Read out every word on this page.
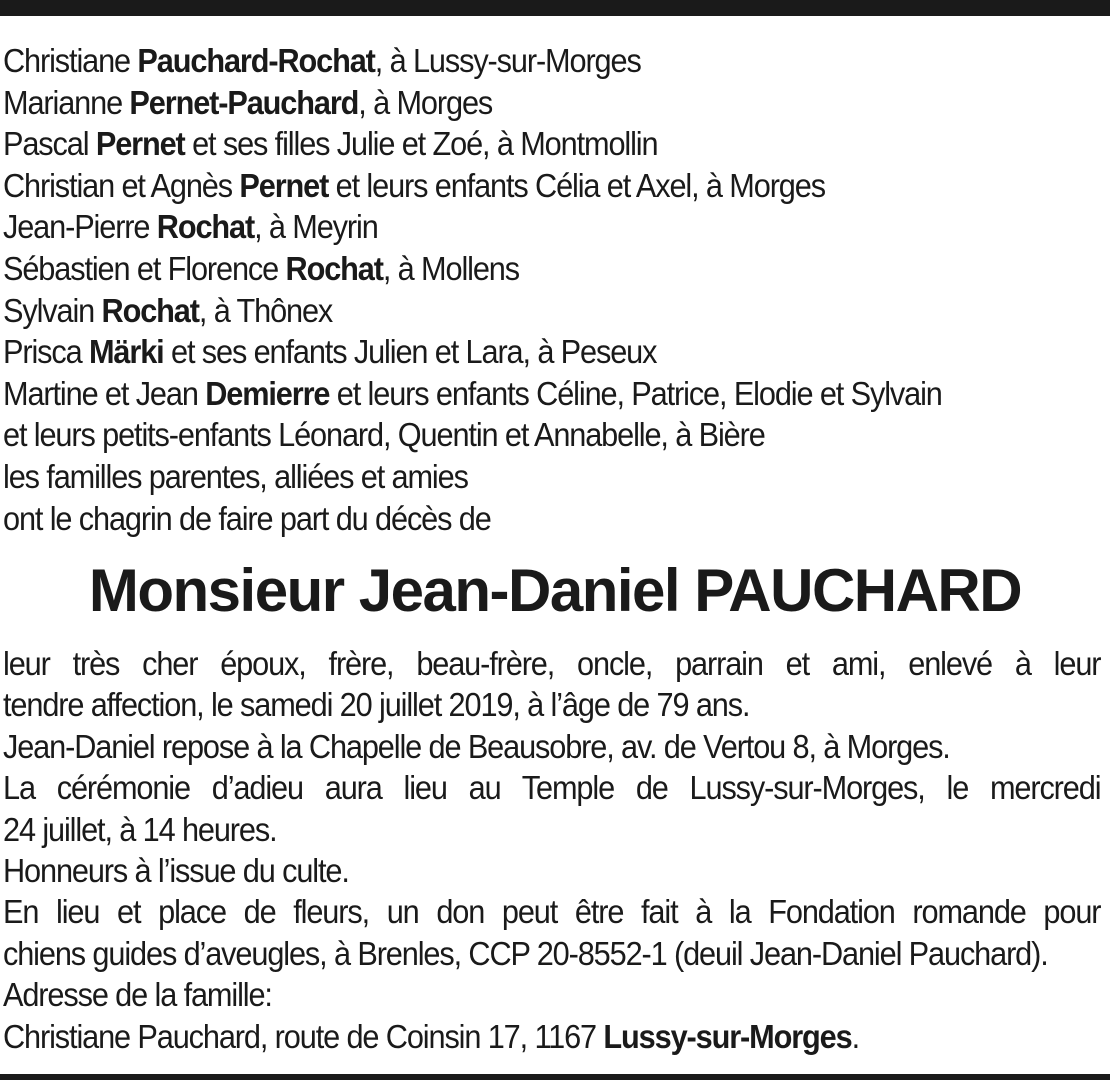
Christiane Pauchard-Rochat, à Lussy-sur-Morges
Marianne Pernet-Pauchard, à Morges
Pascal Pernet et ses filles Julie et Zoé, à Montmollin
Christian et Agnès Pernet et leurs enfants Célia et Axel, à Morges
Jean-Pierre Rochat, à Meyrin
Sébastien et Florence Rochat, à Mollens
Sylvain Rochat, à Thônex
Prisca Märki et ses enfants Julien et Lara, à Peseux
Martine et Jean Demierre et leurs enfants Céline, Patrice, Elodie et Sylvain
et leurs petits-enfants Léonard, Quentin et Annabelle, à Bière
les familles parentes, alliées et amies
ont le chagrin de faire part du décès de
Monsieur Jean-Daniel PAUCHARD
leur très cher époux, frère, beau-frère, oncle, parrain et ami, enlevé à leur
tendre affection, le samedi 20 juillet 2019, à l’âge de 79 ans.
Jean-Daniel repose à la Chapelle de Beausobre, av. de Vertou 8, à Morges.
La cérémonie d’adieu aura lieu au Temple de Lussy-sur-Morges, le mercredi
24 juillet, à 14 heures.
Honneurs à l’issue du culte.
En lieu et place de fleurs, un don peut être fait à la Fondation romande pour
chiens guides d’aveugles, à Brenles, CCP 20-8552-1 (deuil Jean-Daniel Pauchard).
Adresse de la famille:
Christiane Pauchard, route de Coinsin 17, 1167 Lussy-sur-Morges.
